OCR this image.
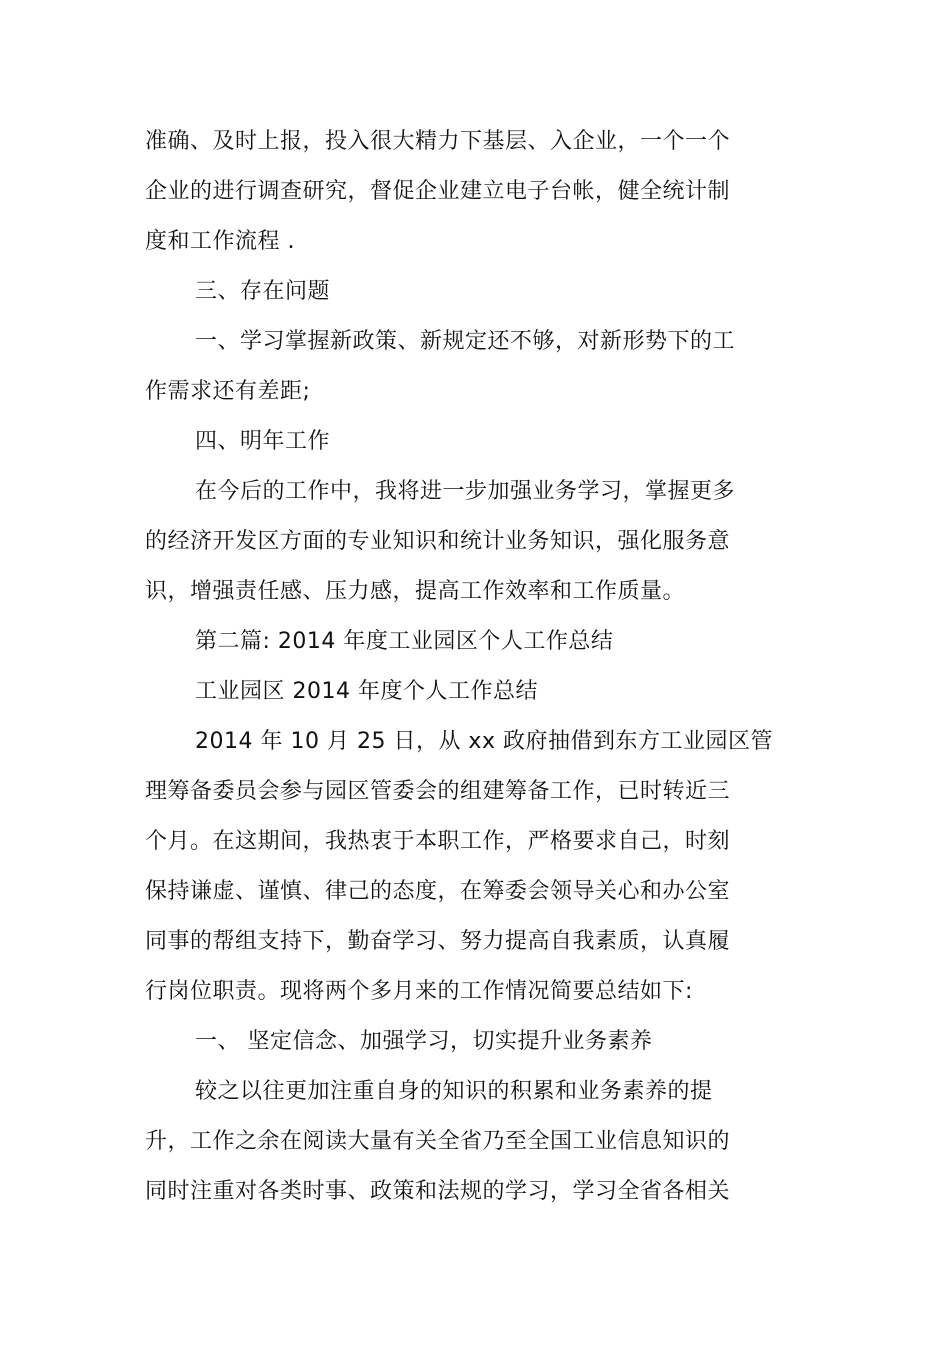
准确、及时上报，投入很大精力下基层、入企业，一个一个
企业的进行调查研究，督促企业建立电子台帐，健全统计制
度和工作流程 .
三、存在问题
一、学习掌握新政策、新规定还不够，对新形势下的工
作需求还有差距;
四、明年工作
在今后的工作中，我将进一步加强业务学习，掌握更多
的经济开发区方面的专业知识和统计业务知识，强化服务意
识，增强责任感、压力感，提高工作效率和工作质量。
第二篇: 2014 年度工业园区个人工作总结
工业园区 2014 年度个人工作总结
2014 年 10 月 25 日，从 xx 政府抽借到东方工业园区管
理筹备委员会参与园区管委会的组建筹备工作，已时转近三
个月。在这期间，我热衷于本职工作，严格要求自己，时刻
保持谦虚、谨慎、律己的态度，在筹委会领导关心和办公室
同事的帮组支持下，勤奋学习、努力提高自我素质，认真履
行岗位职责。现将两个多月来的工作情况简要总结如下:
一、 坚定信念、加强学习，切实提升业务素养
较之以往更加注重自身的知识的积累和业务素养的提
升，工作之余在阅读大量有关全省乃至全国工业信息知识的
同时注重对各类时事、政策和法规的学习，学习全省各相关
